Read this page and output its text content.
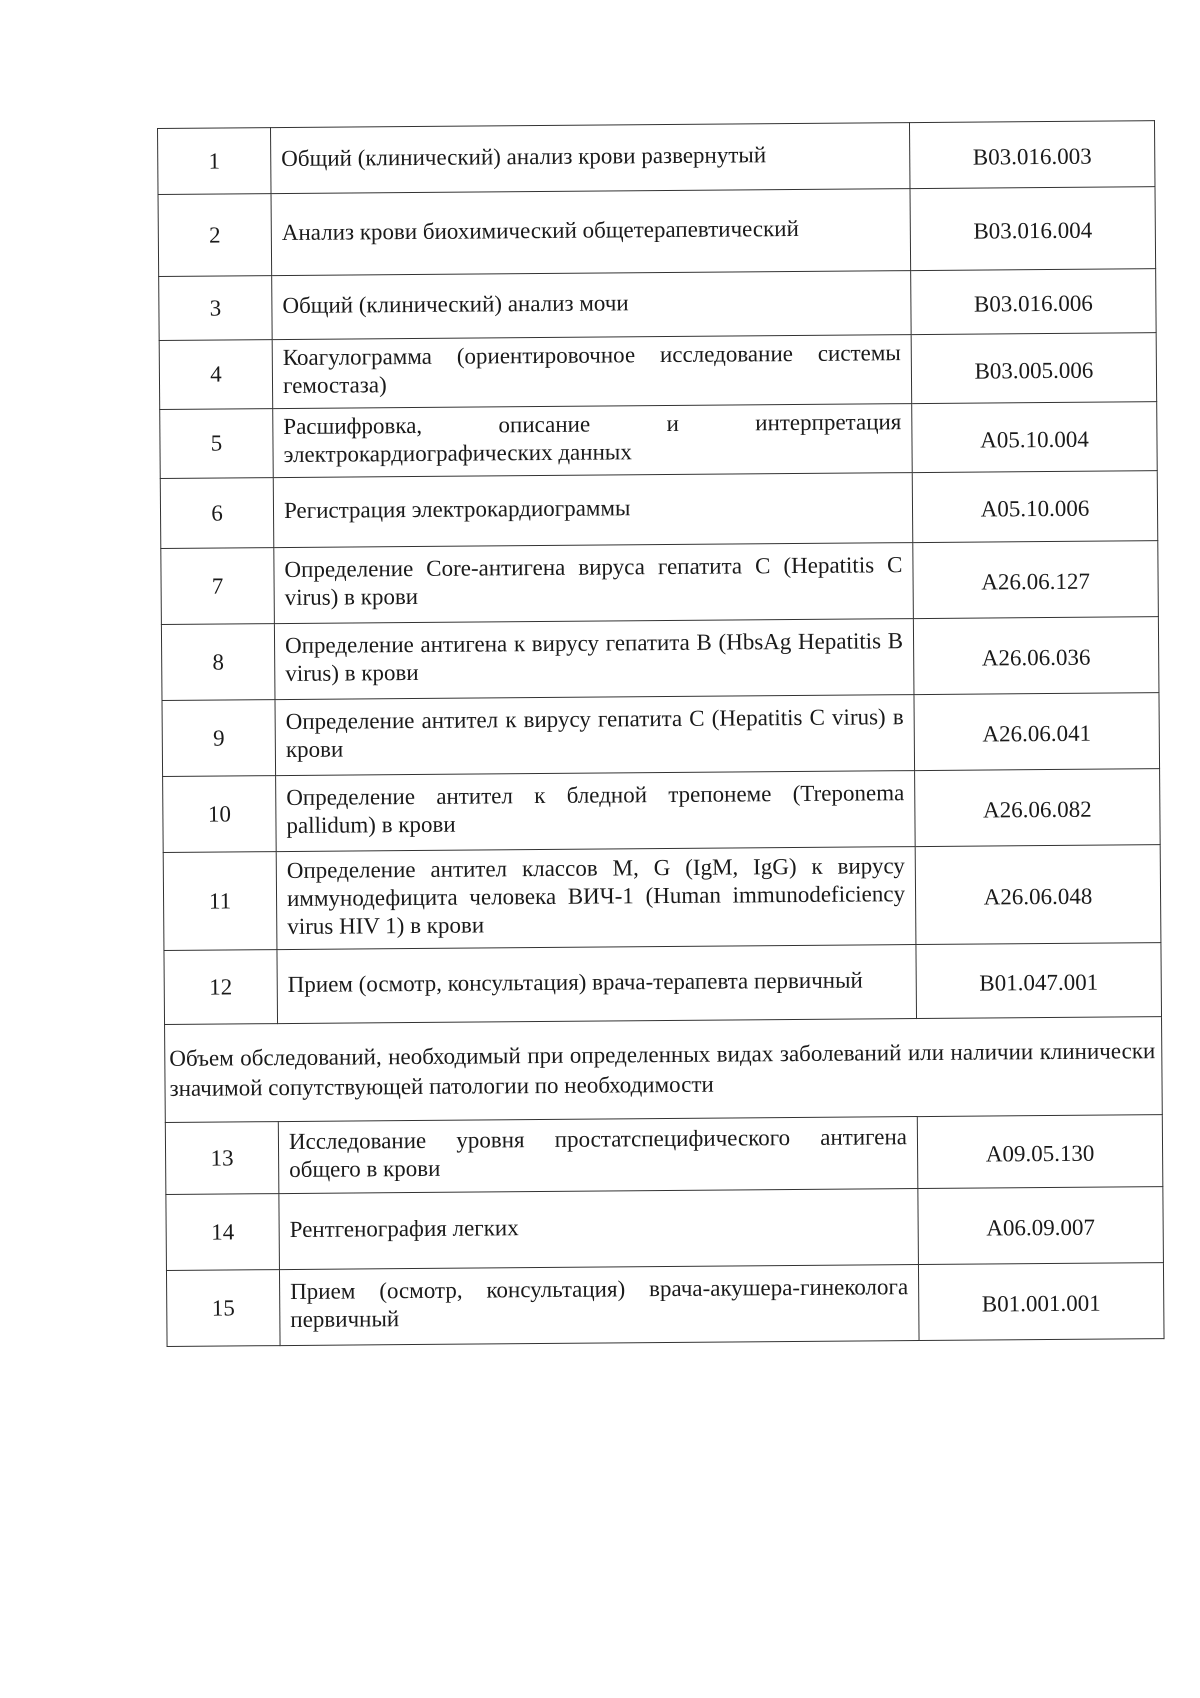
1	Общий (клинический) анализ крови развернутый	B03.016.003
2	Анализ крови биохимический общетерапевтический	B03.016.004
3	Общий (клинический) анализ мочи	B03.016.006
4	Коагулограмма (ориентировочное исследование системы гемостаза)	B03.005.006
5	Расшифровка, описание и интерпретация электрокардиографических данных	A05.10.004
6	Регистрация электрокардиограммы	A05.10.006
7	Определение Core-антигена вируса гепатита C (Hepatitis C virus) в крови	A26.06.127
8	Определение антигена к вирусу гепатита B (HbsAg Hepatitis B virus) в крови	A26.06.036
9	Определение антител к вирусу гепатита C (Hepatitis C virus) в крови	A26.06.041
10	Определение антител к бледной трепонеме (Treponema pallidum) в крови	A26.06.082
11	Определение антител классов M, G (IgM, IgG) к вирусу иммунодефицита человека ВИЧ-1 (Human immunodeficiency virus HIV 1) в крови	A26.06.048
12	Прием (осмотр, консультация) врача-терапевта первичный	B01.047.001
Объем обследований, необходимый при определенных видах заболеваний или наличии клинически значимой сопутствующей патологии по необходимости		
13	Исследование уровня простатспецифического антигена общего в крови	A09.05.130
14	Рентгенография легких	A06.09.007
15	Прием (осмотр, консультация) врача-акушера-гинеколога первичный	B01.001.001
